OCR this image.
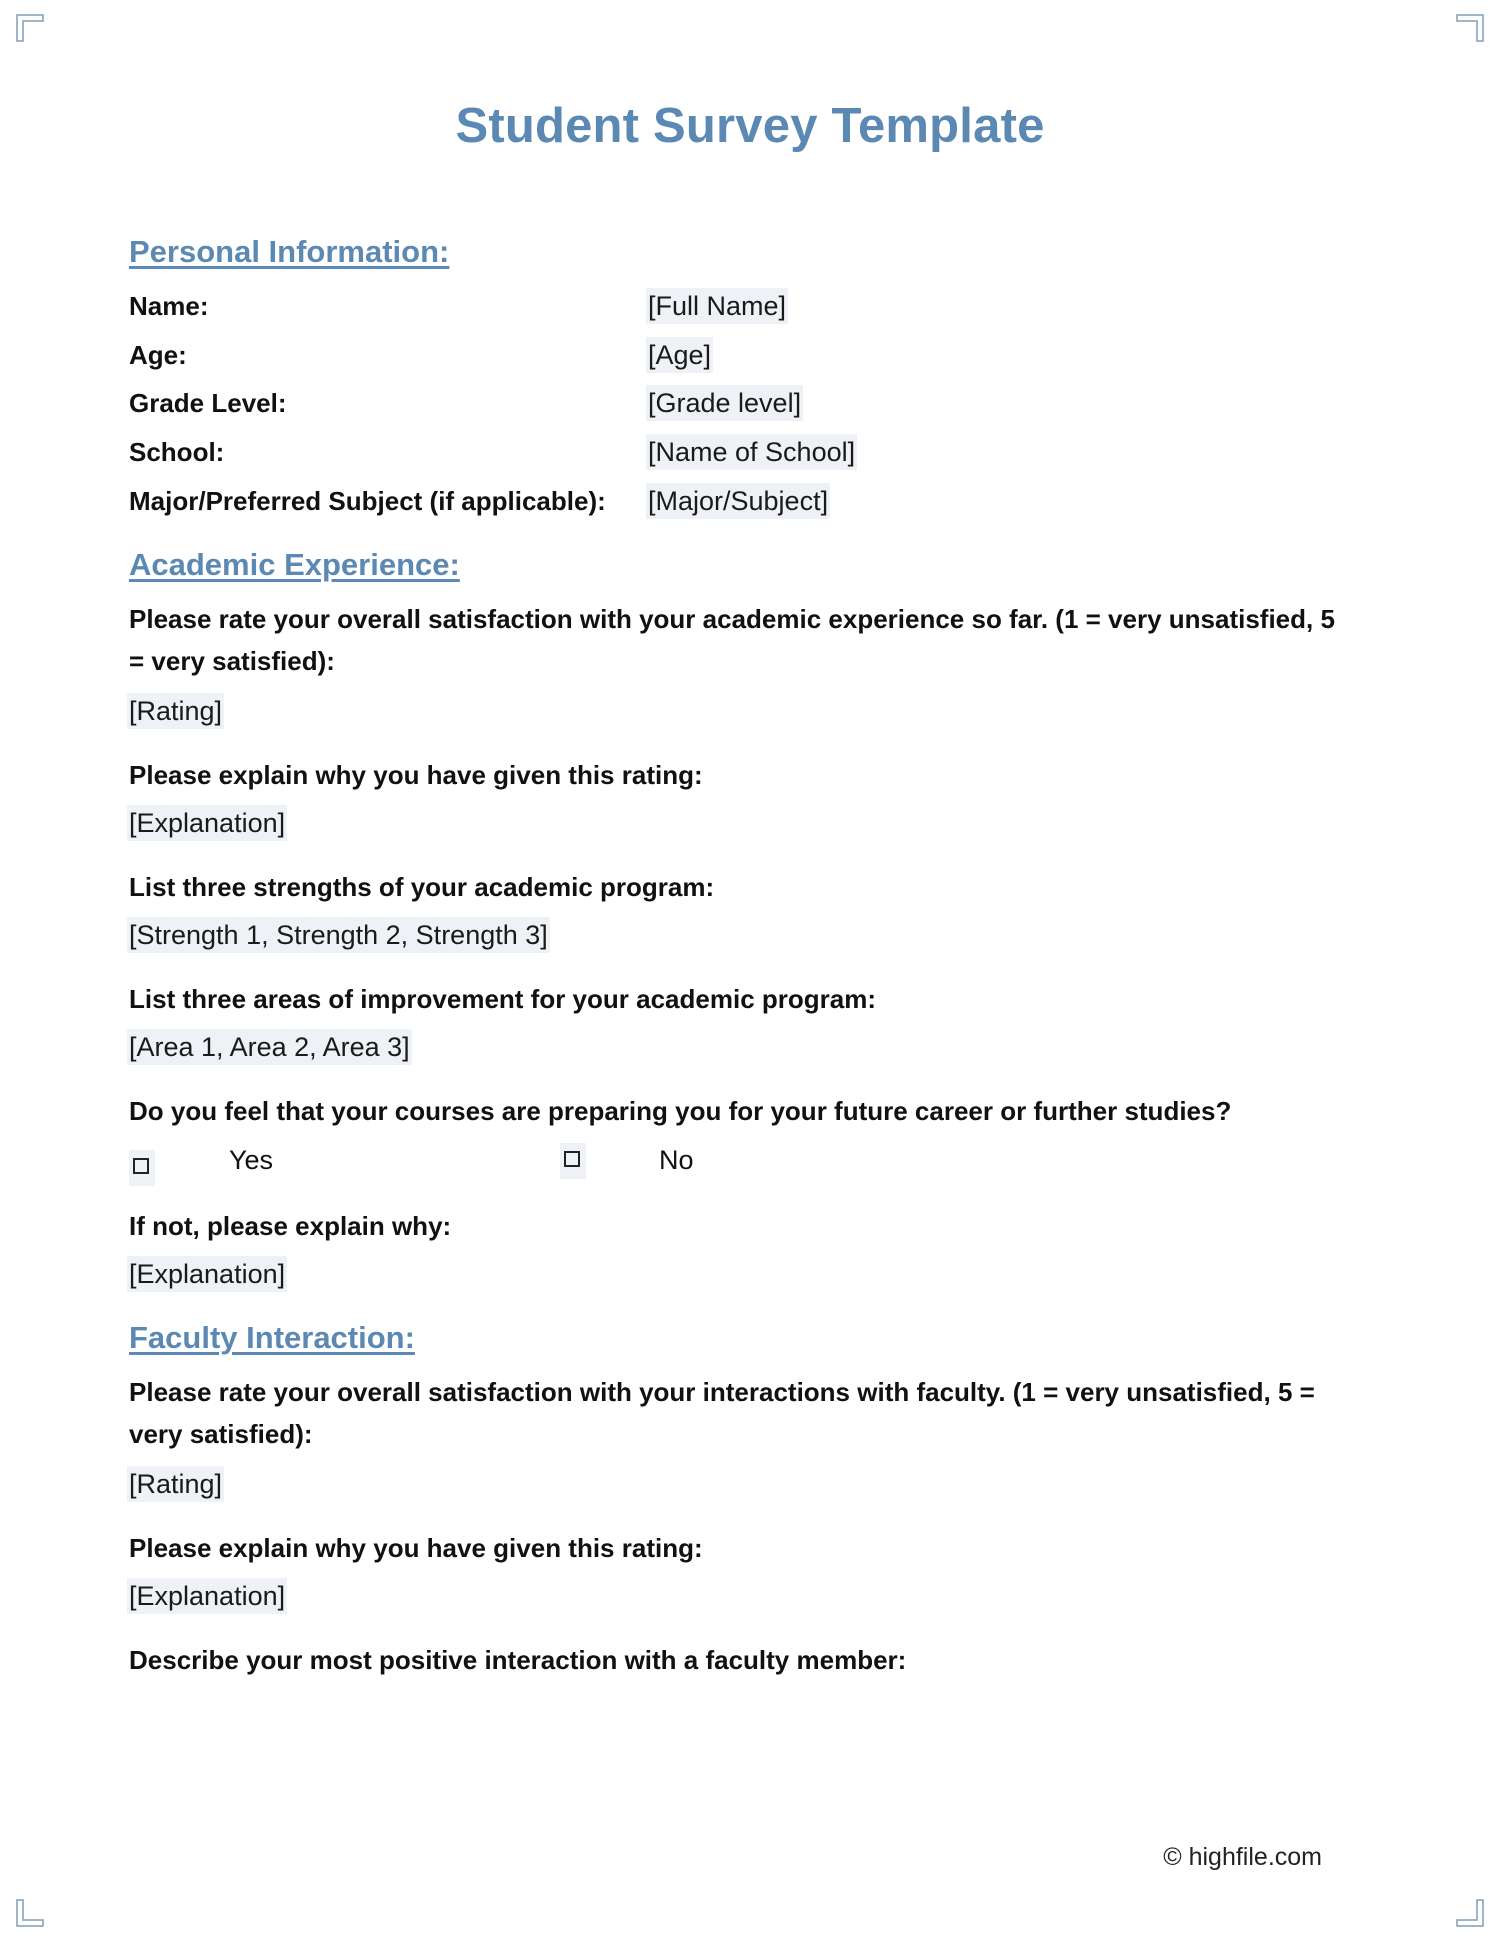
Student Survey Template
Personal Information:
Name:	[Full Name]
Age:	[Age]
Grade Level:	[Grade level]
School:	[Name of School]
Major/Preferred Subject (if applicable): [Major/Subject]
Academic Experience:
Please rate your overall satisfaction with your academic experience so far. (1 = very unsatisfied, 5 = very satisfied):
[Rating]
Please explain why you have given this rating:
[Explanation]
List three strengths of your academic program:
[Strength 1, Strength 2, Strength 3]
List three areas of improvement for your academic program:
[Area 1, Area 2, Area 3]
Do you feel that your courses are preparing you for your future career or further studies?
Yes	No
If not, please explain why:
[Explanation]
Faculty Interaction:
Please rate your overall satisfaction with your interactions with faculty. (1 = very unsatisfied, 5 = very satisfied):
[Rating]
Please explain why you have given this rating:
[Explanation]
Describe your most positive interaction with a faculty member:
© highfile.com
